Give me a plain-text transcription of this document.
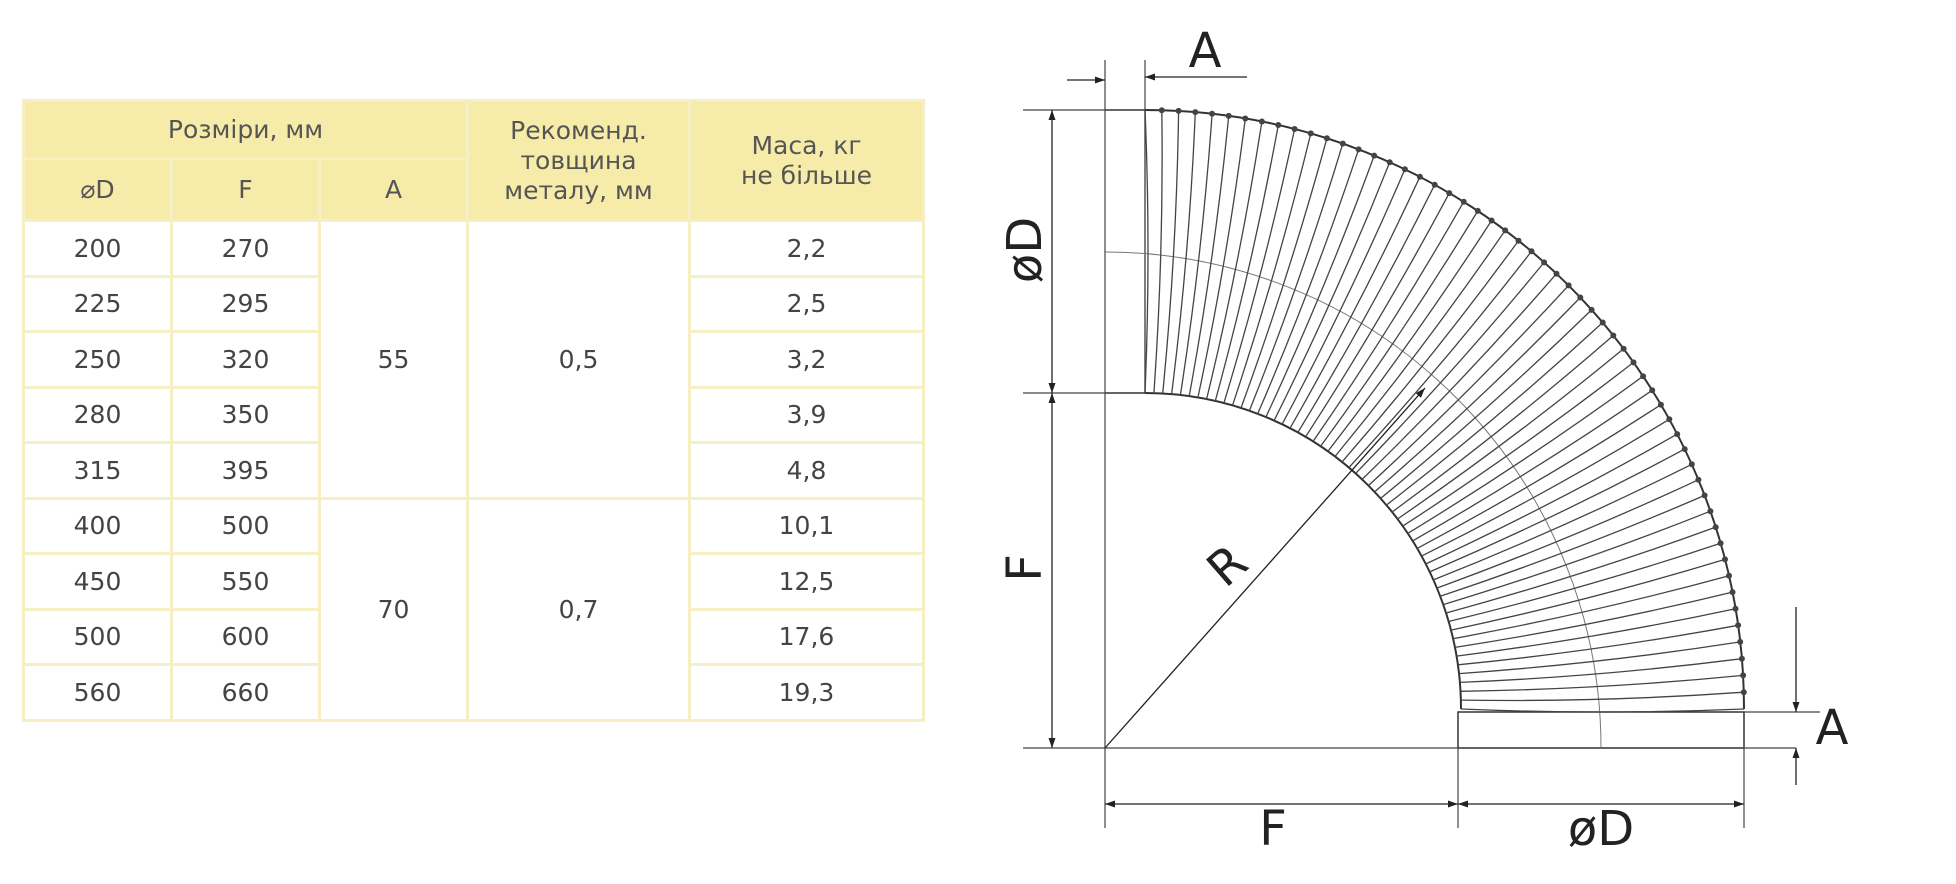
Розміри, мм			Рекоменд.
товщина
металу, мм	Маса, кг
не більше
⌀D	F	A		
200	270	55	0,5	2,2
225	295			2,5
250	320			3,2
280	350			3,9
315	395			4,8
400	500	70	0,7	10,1
450	550			12,5
500	600			17,6
560	660			19,3
A
øD
F	R
A
F	øD
